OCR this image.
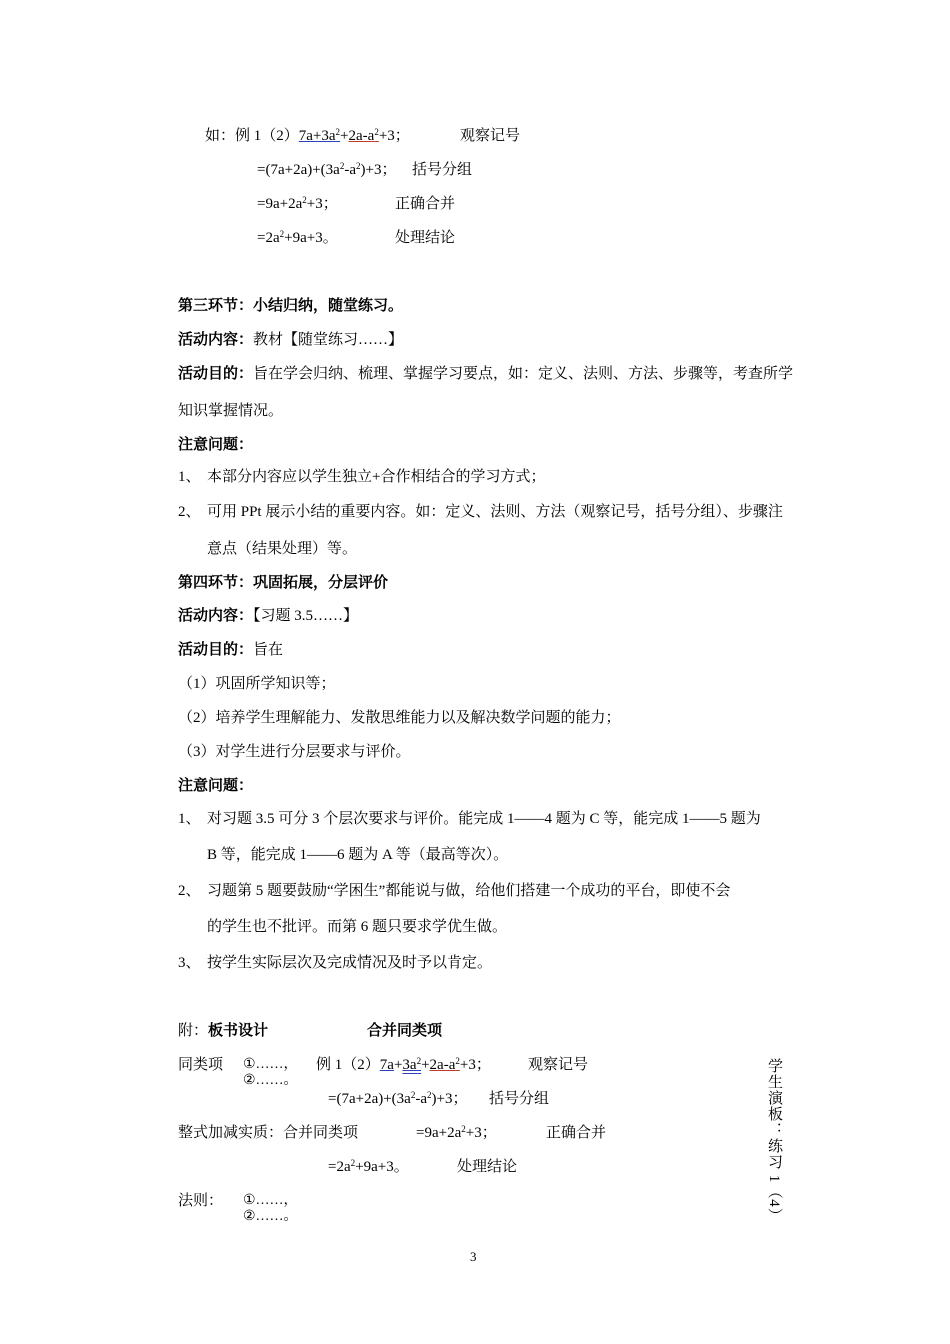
如：例 $1(2)7a+3a^2+2a-a^2+3$；	观察记号
$=(7a+2a)+(3a^2-a^2)+3$； 括号分组
$=9a+2a^2+3$；	正确合并
$=2a^2+9a+3$。	处理结论
第三环节：小结归纳，随堂练习。
活动内容：教材【随堂练习……】
活动目的：旨在学会归纳、梳理、掌握学习要点，如：定义、法则、方法、步骤等，考查所学
知识掌握情况。
注意问题：
1、 本部分内容应以学生独立+合作相结合的学习方式；
2、 可用 PPt 展示小结的重要内容。如：定义、法则、方法（观察记号，括号分组）、步骤注
意点（结果处理）等。
第四环节：巩固拓展，分层评价
活动内容：【习题 3.5……】
活动目的：旨在
（1）巩固所学知识等；
（2）培养学生理解能力、发散思维能力以及解决数学问题的能力；
（3）对学生进行分层要求与评价。
注意问题：
1、 对习题 3.5 可分 3 个层次要求与评价。能完成 1——4 题为 C 等，能完成 1——5 题为
B 等，能完成 1——6 题为 A 等（最高等次）。
2、 习题第 5 题要鼓励“学困生”都能说与做，给他们搭建一个成功的平台，即使不会
的学生也不批评。而第 6 题只要求学优生做。
3、 按学生实际层次及完成情况及时予以肯定。
附：板书设计	合并同类项
同类项 ①……，
②……。
例 $1(2)7a+3a^2+2a-a^2+3$； 观察记号
$=(7a+2a)+(3a^2-a^2)+3$； 括号分组
整式加减实质：合并同类项	$=9a+2a^2+3$；	正确合并
$=2a^2+9a+3$。	处理结论
法则： ①……，
②……。	学生演板：练习 1（4）
3
